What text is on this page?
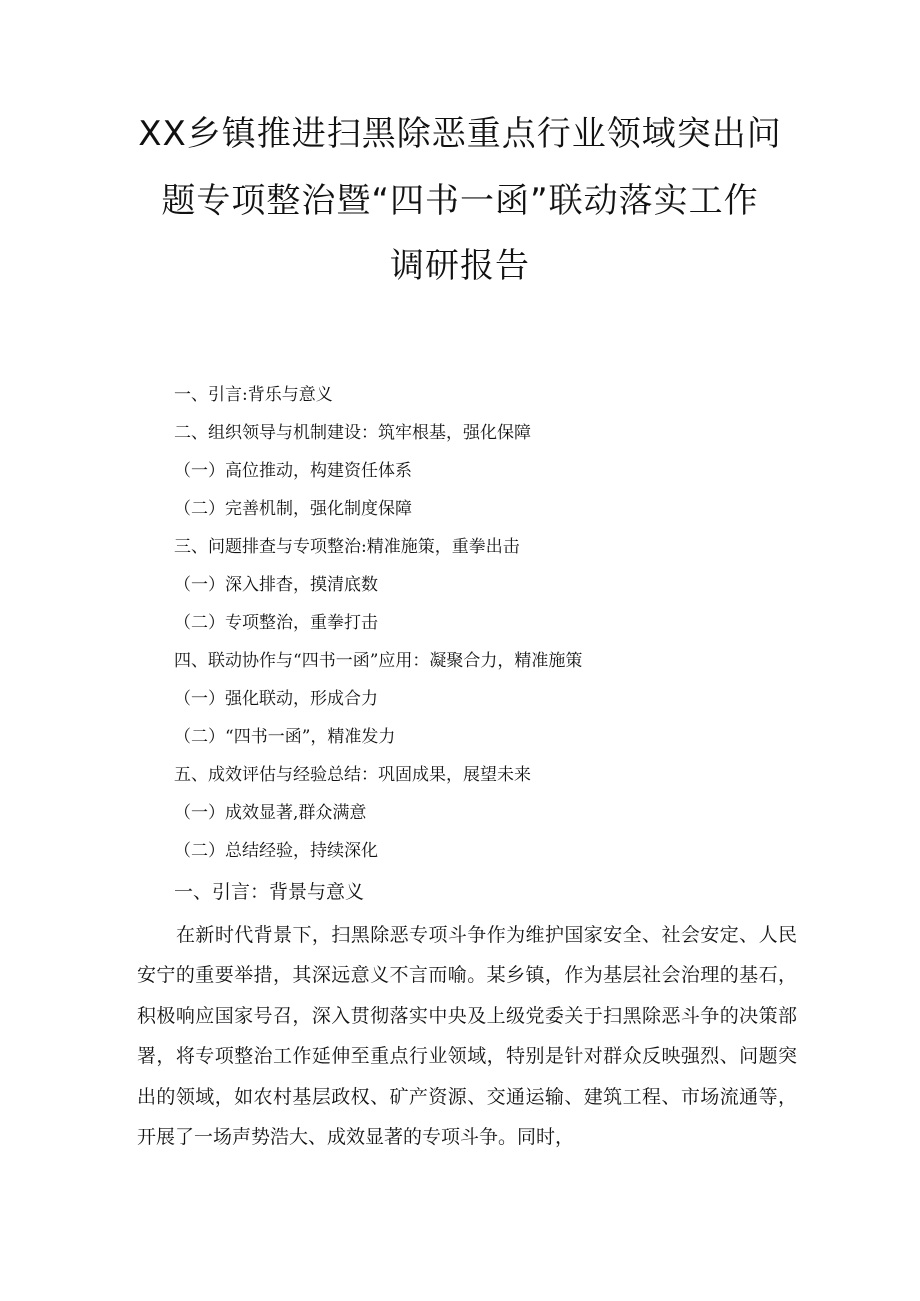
XX乡镇推进扫黑除恶重点行业领域突出问
题专项整治暨“四书一函”联动落实工作
调研报告
一、引言:背乐与意义
二、组织领导与机制建设：筑牢根基，强化保障
（一）高位推动，构建资任体系
（二）完善机制，强化制度保障
三、问题排查与专项整治:精准施策，重拳出击
（一）深入排杳，摸清底数
（二）专项整治，重拳打击
四、联动协作与“四书一函”应用：凝聚合力，精准施策
（一）强化联动，形成合力
（二）“四书一函”，精准发力
五、成效评估与经验总结：巩固成果，展望未来
（一）成效显著,群众满意
（二）总结经验，持续深化
一、引言：背景与意义

在新时代背景下，扫黑除恶专项斗争作为维护国家安全、社会安定、人民安宁的重要举措，其深远意义不言而喻。某乡镇，作为基层社会治理的基石，积极响应国家号召，深入贯彻落实中央及上级党委关于扫黑除恶斗争的决策部署，将专项整治工作延伸至重点行业领域，特别是针对群众反映强烈、问题突出的领域，如农村基层政权、矿产资源、交通运输、建筑工程、市场流通等，开展了一场声势浩大、成效显著的专项斗争。同时，
